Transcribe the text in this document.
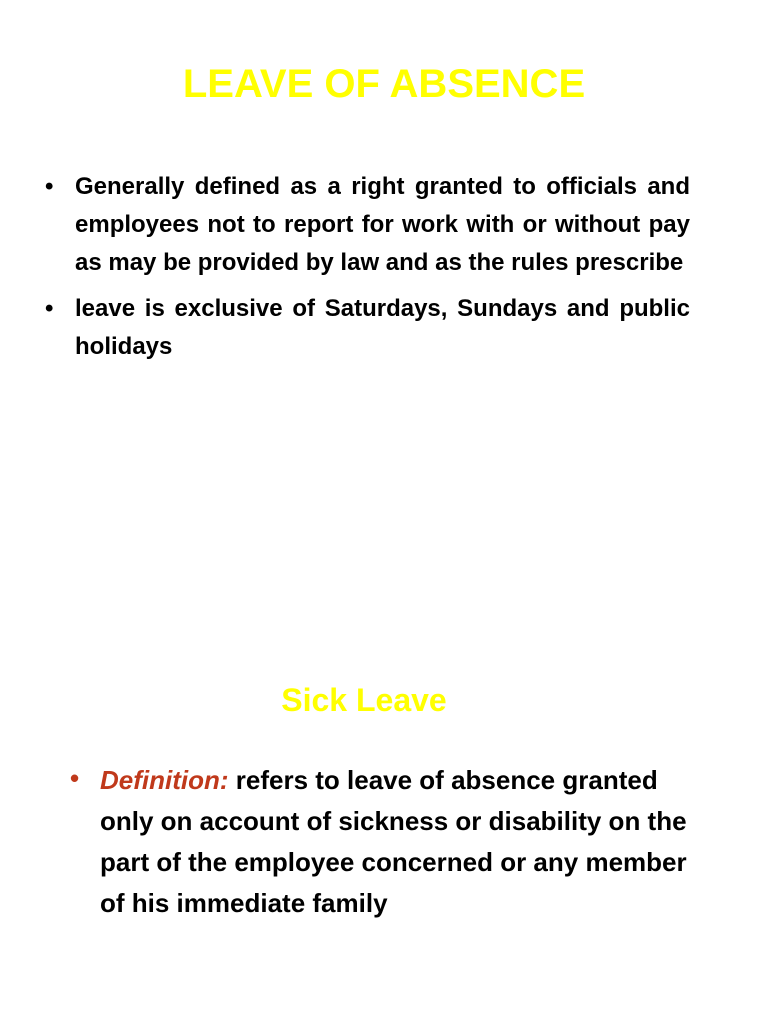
LEAVE OF ABSENCE
• Generally defined as a right granted to officials and employees not to report for work with or without pay as may be provided by law and as the rules prescribe
• leave is exclusive of Saturdays, Sundays and public holidays
Sick Leave
• Definition: refers to leave of absence granted only on account of sickness or disability on the part of the employee concerned or any member of his immediate family
